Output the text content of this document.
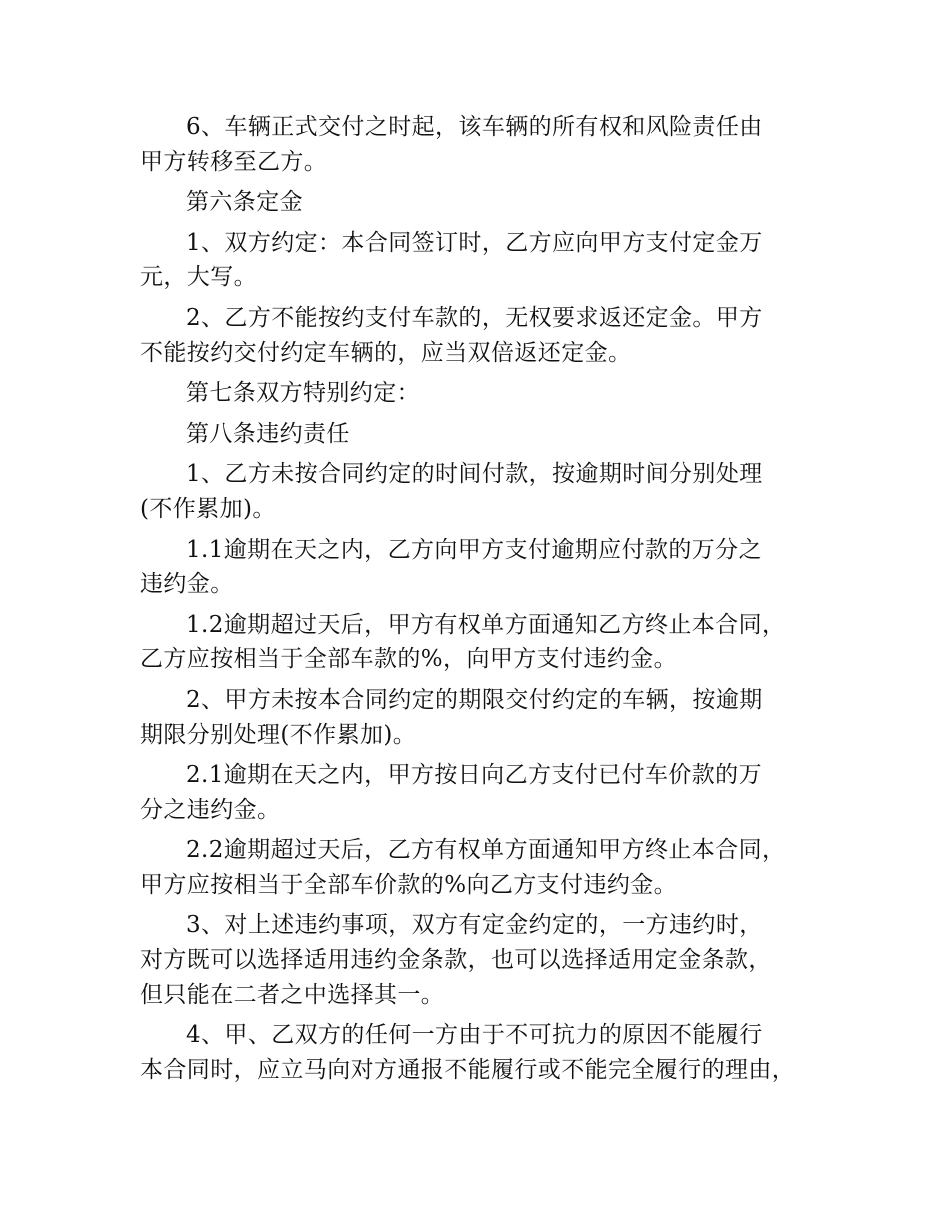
6、车辆正式交付之时起，该车辆的所有权和风险责任由
甲方转移至乙方。

第六条定金

1、双方约定：本合同签订时，乙方应向甲方支付定金万
元，大写。

2、乙方不能按约支付车款的，无权要求返还定金。甲方
不能按约交付约定车辆的，应当双倍返还定金。

第七条双方特别约定：

第八条违约责任

1、乙方未按合同约定的时间付款，按逾期时间分别处理
(不作累加)。

1.1逾期在天之内，乙方向甲方支付逾期应付款的万分之
违约金。

1.2逾期超过天后，甲方有权单方面通知乙方终止本合同，
乙方应按相当于全部车款的%，向甲方支付违约金。

2、甲方未按本合同约定的期限交付约定的车辆，按逾期
期限分别处理(不作累加)。

2.1逾期在天之内，甲方按日向乙方支付已付车价款的万
分之违约金。

2.2逾期超过天后，乙方有权单方面通知甲方终止本合同，
甲方应按相当于全部车价款的%向乙方支付违约金。

3、对上述违约事项，双方有定金约定的，一方违约时，
对方既可以选择适用违约金条款，也可以选择适用定金条款，
但只能在二者之中选择其一。

4、甲、乙双方的任何一方由于不可抗力的原因不能履行
本合同时，应立马向对方通报不能履行或不能完全履行的理由，
